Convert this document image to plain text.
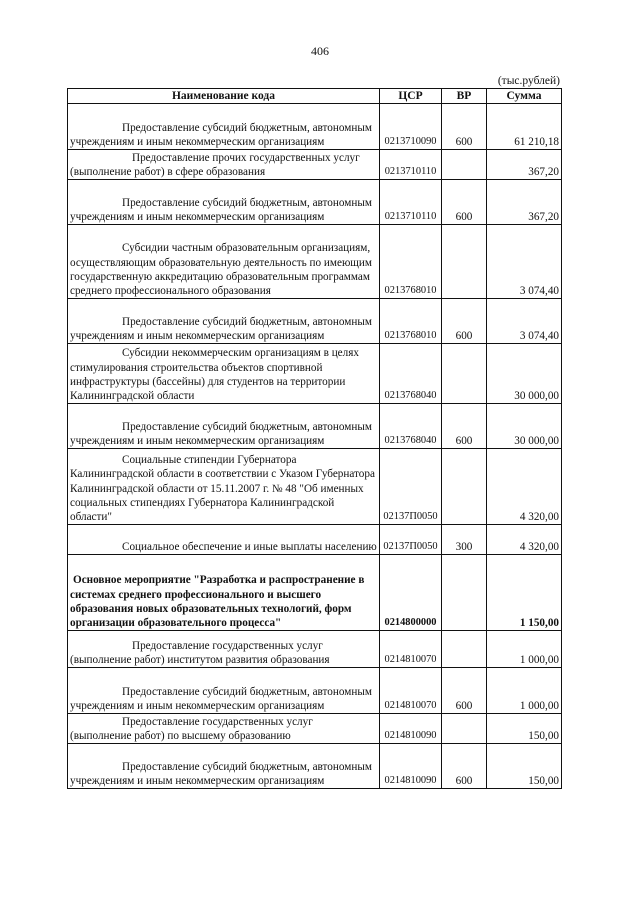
406
(тыс.рублей)
Наименование кода	ЦСР	ВР	Сумма
Предоставление субсидий бюджетным, автономным учреждениям и иным некоммерческим организациям	0213710090	600	61 210,18
Предоставление прочих государственных услуг (выполнение работ) в сфере образования	0213710110		367,20
Предоставление субсидий бюджетным, автономным учреждениям и иным некоммерческим организациям	0213710110	600	367,20
Субсидии частным образовательным организациям, осуществляющим образовательную деятельность по имеющим государственную аккредитацию образовательным программам среднего профессионального образования	0213768010		3 074,40
Предоставление субсидий бюджетным, автономным учреждениям и иным некоммерческим организациям	0213768010	600	3 074,40
Субсидии некоммерческим организациям в целях стимулирования строительства объектов спортивной инфраструктуры (бассейны) для студентов на территории Калининградской области	0213768040		30 000,00
Предоставление субсидий бюджетным, автономным учреждениям и иным некоммерческим организациям	0213768040	600	30 000,00
Социальные стипендии Губернатора Калининградской области в соответствии с Указом Губернатора Калининградской области от 15.11.2007 г. № 48 "Об именных социальных стипендиях Губернатора Калининградской области"	02137П0050		4 320,00
Социальное обеспечение и иные выплаты населению	02137П0050	300	4 320,00
Основное мероприятие "Разработка и распространение в системах среднего профессионального и высшего образования новых образовательных технологий, форм организации образовательного процесса"	0214800000		1 150,00
Предоставление государственных услуг (выполнение работ) институтом развития образования	0214810070		1 000,00
Предоставление субсидий бюджетным, автономным учреждениям и иным некоммерческим организациям	0214810070	600	1 000,00
Предоставление государственных услуг (выполнение работ) по высшему образованию	0214810090		150,00
Предоставление субсидий бюджетным, автономным учреждениям и иным некоммерческим организациям	0214810090	600	150,00
